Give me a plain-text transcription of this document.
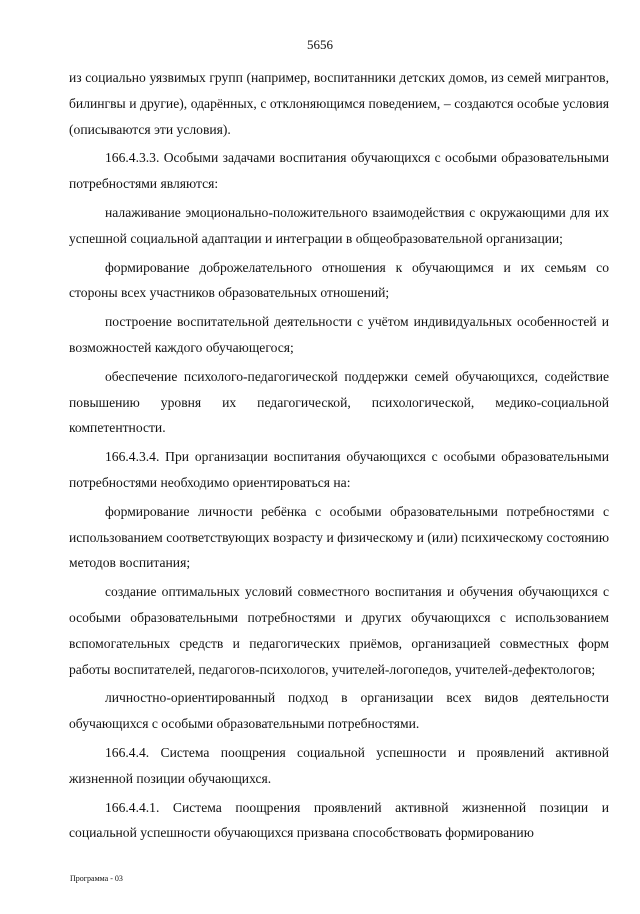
5656

из социально уязвимых групп (например, воспитанники детских домов, из семей мигрантов, билингвы и другие), одарённых, с отклоняющимся поведением, – создаются особые условия (описываются эти условия).

166.4.3.3. Особыми задачами воспитания обучающихся с особыми образовательными потребностями являются:

налаживание эмоционально-положительного взаимодействия с окружающими для их успешной социальной адаптации и интеграции в общеобразовательной организации;

формирование доброжелательного отношения к обучающимся и их семьям со стороны всех участников образовательных отношений;

построение воспитательной деятельности с учётом индивидуальных особенностей и возможностей каждого обучающегося;

обеспечение психолого-педагогической поддержки семей обучающихся, содействие повышению уровня их педагогической, психологической, медико-социальной компетентности.

166.4.3.4. При организации воспитания обучающихся с особыми образовательными потребностями необходимо ориентироваться на:

формирование личности ребёнка с особыми образовательными потребностями с использованием соответствующих возрасту и физическому и (или) психическому состоянию методов воспитания;

создание оптимальных условий совместного воспитания и обучения обучающихся с особыми образовательными потребностями и других обучающихся с использованием вспомогательных средств и педагогических приёмов, организацией совместных форм работы воспитателей, педагогов-психологов, учителей-логопедов, учителей-дефектологов;

личностно-ориентированный подход в организации всех видов деятельности обучающихся с особыми образовательными потребностями.

166.4.4. Система поощрения социальной успешности и проявлений активной жизненной позиции обучающихся.

166.4.4.1. Система поощрения проявлений активной жизненной позиции и социальной успешности обучающихся призвана способствовать формированию

Программа - 03
